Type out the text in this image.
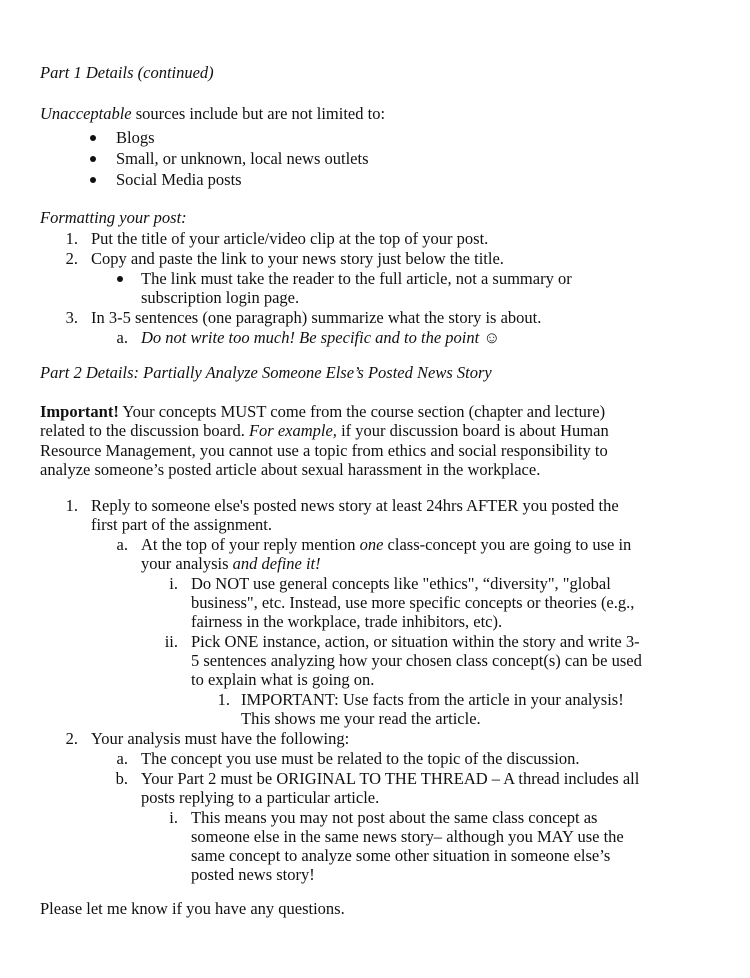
Part 1 Details (continued)
Unacceptable sources include but are not limited to:
Blogs
Small, or unknown, local news outlets
Social Media posts
Formatting your post:
1. Put the title of your article/video clip at the top of your post.
2. Copy and paste the link to your news story just below the title.
The link must take the reader to the full article, not a summary or
subscription login page.
3. In 3-5 sentences (one paragraph) summarize what the story is about.
a. Do not write too much! Be specific and to the point ☺
Part 2 Details: Partially Analyze Someone Else’s Posted News Story
Important! Your concepts MUST come from the course section (chapter and lecture)
related to the discussion board. For example, if your discussion board is about Human
Resource Management, you cannot use a topic from ethics and social responsibility to
analyze someone’s posted article about sexual harassment in the workplace.
1. Reply to someone else's posted news story at least 24hrs AFTER you posted the
first part of the assignment.
a. At the top of your reply mention one class-concept you are going to use in
your analysis and define it!
i. Do NOT use general concepts like "ethics", “diversity", "global
business", etc. Instead, use more specific concepts or theories (e.g.,
fairness in the workplace, trade inhibitors, etc).
ii. Pick ONE instance, action, or situation within the story and write 3-
5 sentences analyzing how your chosen class concept(s) can be used
to explain what is going on.
1. IMPORTANT: Use facts from the article in your analysis!
This shows me your read the article.
2. Your analysis must have the following:
a. The concept you use must be related to the topic of the discussion.
b. Your Part 2 must be ORIGINAL TO THE THREAD – A thread includes all
posts replying to a particular article.
i. This means you may not post about the same class concept as
someone else in the same news story– although you MAY use the
same concept to analyze some other situation in someone else’s
posted news story!
Please let me know if you have any questions.
